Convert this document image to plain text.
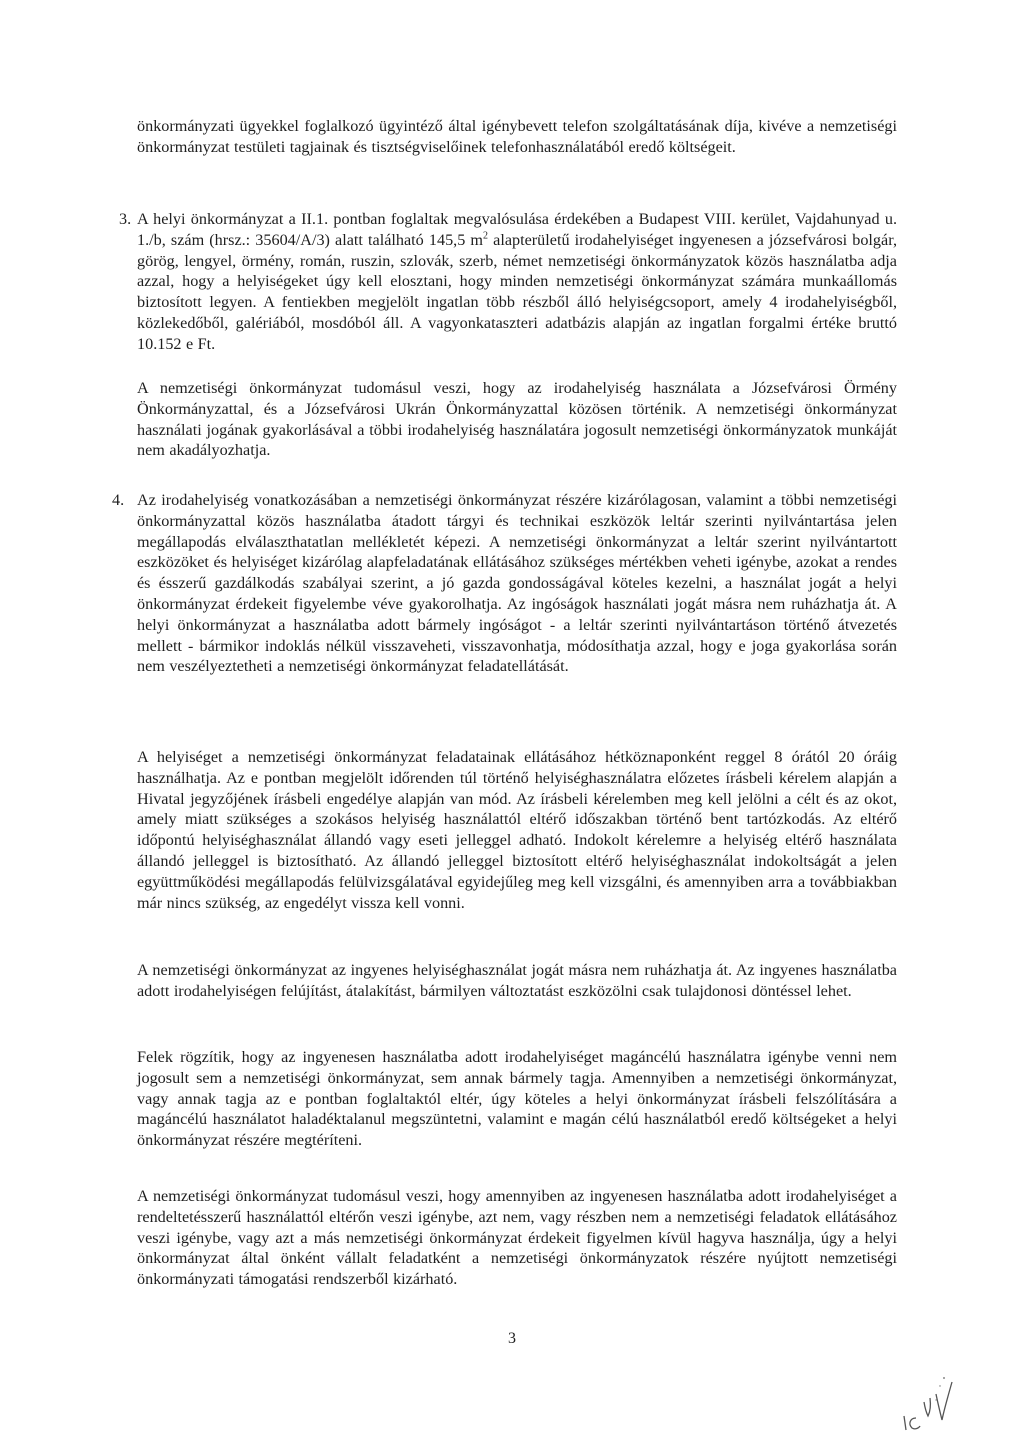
önkormányzati ügyekkel foglalkozó ügyintéző által igénybevett telefon szolgáltatásának díja, kivéve a nemzetiségi önkormányzat testületi tagjainak és tisztségviselőinek telefonhasználatából eredő költségeit.

3. A helyi önkormányzat a II.1. pontban foglaltak megvalósulása érdekében a Budapest VIII. kerület, Vajdahunyad u. 1./b, szám (hrsz.: 35604/A/3) alatt található 145,5 $m^2$ alapterületű irodahelyiséget ingyenesen a józsefvárosi bolgár, görög, lengyel, örmény, román, ruszin, szlovák, szerb, német nemzetiségi önkormányzatok közös használatba adja azzal, hogy a helyiségeket úgy kell elosztani, hogy minden nemzetiségi önkormányzat számára munkaállomás biztosított legyen. A fentiekben megjelölt ingatlan több részből álló helyiségcsoport, amely 4 irodahelyiségből, közlekedőből, galériából, mosdóból áll. A vagyonkataszteri adatbázis alapján az ingatlan forgalmi értéke bruttó 10.152 e Ft.

A nemzetiségi önkormányzat tudomásul veszi, hogy az irodahelyiség használata a Józsefvárosi Örmény Önkormányzattal, és a Józsefvárosi Ukrán Önkormányzattal közösen történik. A nemzetiségi önkormányzat használati jogának gyakorlásával a többi irodahelyiség használatára jogosult nemzetiségi önkormányzatok munkáját nem akadályozhatja.

4. Az irodahelyiség vonatkozásában a nemzetiségi önkormányzat részére kizárólagosan, valamint a többi nemzetiségi önkormányzattal közös használatba átadott tárgyi és technikai eszközök leltár szerinti nyilvántartása jelen megállapodás elválaszthatatlan mellékletét képezi. A nemzetiségi önkormányzat a leltár szerint nyilvántartott eszközöket és helyiséget kizárólag alapfeladatának ellátásához szükséges mértékben veheti igénybe, azokat a rendes és ésszerű gazdálkodás szabályai szerint, a jó gazda gondosságával köteles kezelni, a használat jogát a helyi önkormányzat érdekeit figyelembe véve gyakorolhatja. Az ingóságok használati jogát másra nem ruházhatja át. A helyi önkormányzat a használatba adott bármely ingóságot - a leltár szerinti nyilvántartáson történő átvezetés mellett - bármikor indoklás nélkül visszaveheti, visszavonhatja, módosíthatja azzal, hogy e joga gyakorlása során nem veszélyeztetheti a nemzetiségi önkormányzat feladatellátását.

A helyiséget a nemzetiségi önkormányzat feladatainak ellátásához hétköznaponként reggel 8 órától 20 óráig használhatja. Az e pontban megjelölt időrenden túl történő helyiséghasználatra előzetes írásbeli kérelem alapján a Hivatal jegyzőjének írásbeli engedélye alapján van mód. Az írásbeli kérelemben meg kell jelölni a célt és az okot, amely miatt szükséges a szokásos helyiség használattól eltérő időszakban történő bent tartózkodás. Az eltérő időpontú helyiséghasználat állandó vagy eseti jelleggel adható. Indokolt kérelemre a helyiség eltérő használata állandó jelleggel is biztosítható. Az állandó jelleggel biztosított eltérő helyiséghasználat indokoltságát a jelen együttműködési megállapodás felülvizsgálatával egyidejűleg meg kell vizsgálni, és amennyiben arra a továbbiakban már nincs szükség, az engedélyt vissza kell vonni.

A nemzetiségi önkormányzat az ingyenes helyiséghasználat jogát másra nem ruházhatja át. Az ingyenes használatba adott irodahelyiségen felújítást, átalakítást, bármilyen változtatást eszközölni csak tulajdonosi döntéssel lehet.

Felek rögzítik, hogy az ingyenesen használatba adott irodahelyiséget magáncélú használatra igénybe venni nem jogosult sem a nemzetiségi önkormányzat, sem annak bármely tagja. Amennyiben a nemzetiségi önkormányzat, vagy annak tagja az e pontban foglaltaktól eltér, úgy köteles a helyi önkormányzat írásbeli felszólítására a magáncélú használatot haladéktalanul megszüntetni, valamint e magán célú használatból eredő költségeket a helyi önkormányzat részére megtéríteni.

A nemzetiségi önkormányzat tudomásul veszi, hogy amennyiben az ingyenesen használatba adott irodahelyiséget a rendeltetésszerű használattól eltérőn veszi igénybe, azt nem, vagy részben nem a nemzetiségi feladatok ellátásához veszi igénybe, vagy azt a más nemzetiségi önkormányzat érdekeit figyelmen kívül hagyva használja, úgy a helyi önkormányzat által önként vállalt feladatként a nemzetiségi önkormányzatok részére nyújtott nemzetiségi önkormányzati támogatási rendszerből kizárható.

3
